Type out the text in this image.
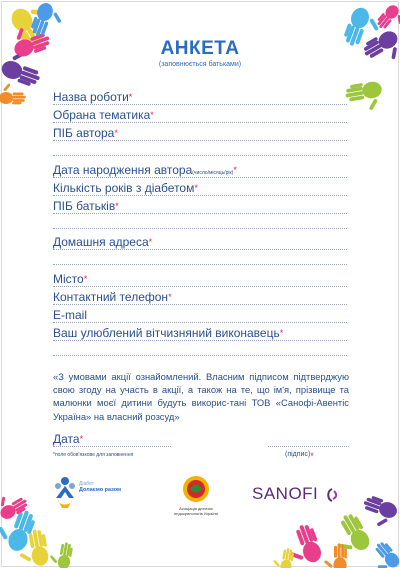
АНКЕТА
(заповнюється батьками)
Назва роботи*
Обрана тематика*
ПІБ автора*
Дата народження автора(число/місяць/рік)*
Кількість років з діабетом*
ПІБ батьків*
Домашня адреса*
Місто*
Контактний телефон*
E-mail
Ваш улюблений вітчизняний виконавець*
«З умовами акції ознайомлений. Власним підписом підтверджую свою згоду на участь в акції, а також на те, що ім'я, прізвище та малюнки моєї дитини будуть викорис-тані ТОВ «Санофі-Авентіс Україна» на власний розсуд»
Дата*
*поле обов'язкове для заповнення	(підпис)*
Діабет
Долаємо разом
Асоціація дитячих ендокринологів України
SANOFI
